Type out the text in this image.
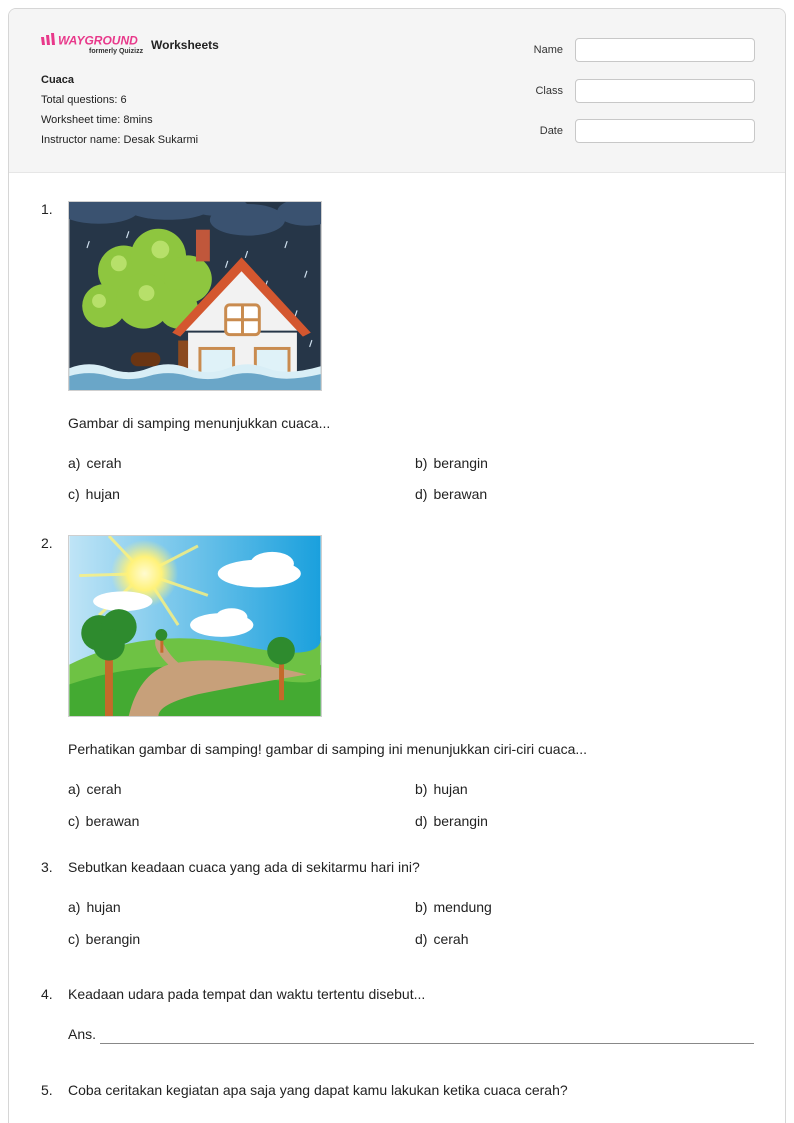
WAYGROUND
formerly Quizizz Worksheets
Cuaca
Total questions: 6
Worksheet time: 8mins
Instructor name: Desak Sukarmi
Name
Class
Date
1.
Gambar di samping menunjukkan cuaca...
a) cerah	b) berangin
c) hujan	d) berawan
2.
Perhatikan gambar di samping! gambar di samping ini menunjukkan ciri-ciri cuaca...
a) cerah	b) hujan
c) berawan	d) berangin
3.	Sebutkan keadaan cuaca yang ada di sekitarmu hari ini?
a) hujan	b) mendung
c) berangin	d) cerah
4.	Keadaan udara pada tempat dan waktu tertentu disebut...
Ans.
5.	Coba ceritakan kegiatan apa saja yang dapat kamu lakukan ketika cuaca cerah?
